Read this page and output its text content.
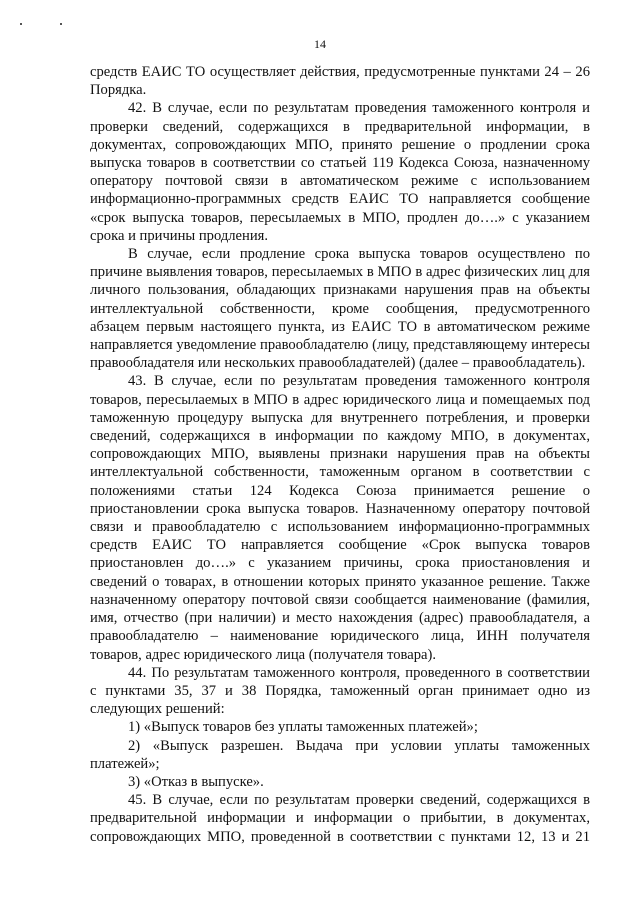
14

средств ЕАИС ТО осуществляет действия, предусмотренные пунктами 24 – 26 Порядка.

42. В случае, если по результатам проведения таможенного контроля и проверки сведений, содержащихся в предварительной информации, в документах, сопровождающих МПО, принято решение о продлении срока выпуска товаров в соответствии со статьей 119 Кодекса Союза, назначенному оператору почтовой связи в автоматическом режиме с использованием информационно-программных средств ЕАИС ТО направляется сообщение «срок выпуска товаров, пересылаемых в МПО, продлен до….» с указанием срока и причины продления.

В случае, если продление срока выпуска товаров осуществлено по причине выявления товаров, пересылаемых в МПО в адрес физических лиц для личного пользования, обладающих признаками нарушения прав на объекты интеллектуальной собственности, кроме сообщения, предусмотренного абзацем первым настоящего пункта, из ЕАИС ТО в автоматическом режиме направляется уведомление правообладателю (лицу, представляющему интересы правообладателя или нескольких правообладателей) (далее – правообладатель).

43. В случае, если по результатам проведения таможенного контроля товаров, пересылаемых в МПО в адрес юридического лица и помещаемых под таможенную процедуру выпуска для внутреннего потребления, и проверки сведений, содержащихся в информации по каждому МПО, в документах, сопровождающих МПО, выявлены признаки нарушения прав на объекты интеллектуальной собственности, таможенным органом в соответствии с положениями статьи 124 Кодекса Союза принимается решение о приостановлении срока выпуска товаров. Назначенному оператору почтовой связи и правообладателю с использованием информационно-программных средств ЕАИС ТО направляется сообщение «Срок выпуска товаров приостановлен до….» с указанием причины, срока приостановления и сведений о товарах, в отношении которых принято указанное решение. Также назначенному оператору почтовой связи сообщается наименование (фамилия, имя, отчество (при наличии) и место нахождения (адрес) правообладателя, а правообладателю – наименование юридического лица, ИНН получателя товаров, адрес юридического лица (получателя товара).

44. По результатам таможенного контроля, проведенного в соответствии с пунктами 35, 37 и 38 Порядка, таможенный орган принимает одно из следующих решений:

1) «Выпуск товаров без уплаты таможенных платежей»;

2) «Выпуск разрешен. Выдача при условии уплаты таможенных платежей»;

3) «Отказ в выпуске».

45. В случае, если по результатам проверки сведений, содержащихся в предварительной информации и информации о прибытии, в документах, сопровождающих МПО, проведенной в соответствии с пунктами 12, 13 и 21
